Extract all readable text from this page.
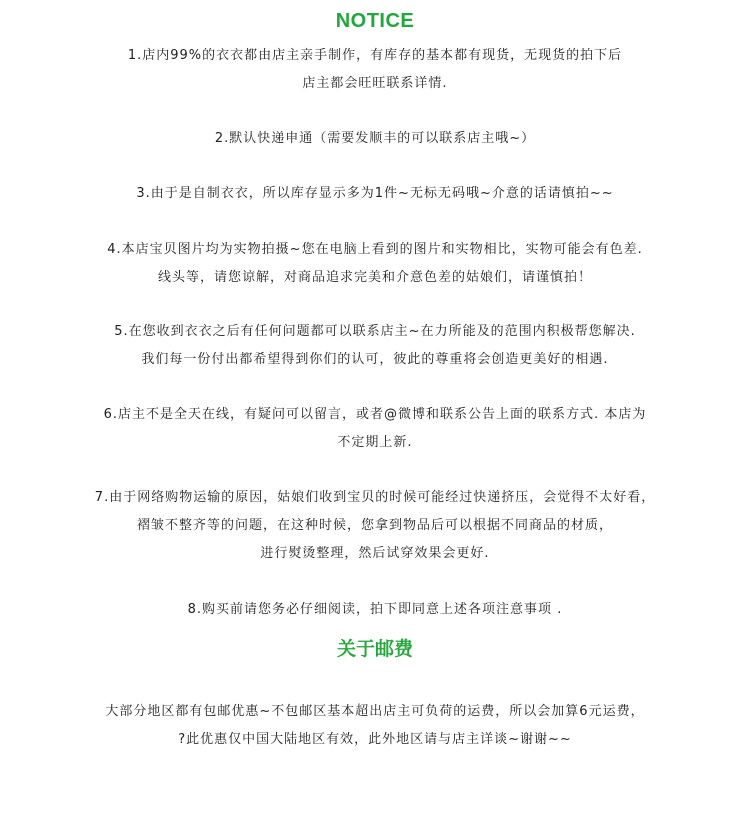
NOTICE
1.店内99%的衣衣都由店主亲手制作，有库存的基本都有现货，无现货的拍下后
店主都会旺旺联系详情.
2.默认快递申通（需要发顺丰的可以联系店主哦~）
3.由于是自制衣衣，所以库存显示多为1件~无标无码哦~介意的话请慎拍~~
4.本店宝贝图片均为实物拍摄~您在电脑上看到的图片和实物相比，实物可能会有色差.
线头等，请您谅解，对商品追求完美和介意色差的姑娘们，请谨慎拍！
5.在您收到衣衣之后有任何问题都可以联系店主~在力所能及的范围内积极帮您解决.
我们每一份付出都希望得到你们的认可，彼此的尊重将会创造更美好的相遇.
6.店主不是全天在线，有疑问可以留言，或者@微博和联系公告上面的联系方式. 本店为
不定期上新.
7.由于网络购物运输的原因，姑娘们收到宝贝的时候可能经过快递挤压，会觉得不太好看，
褶皱不整齐等的问题，在这种时候，您拿到物品后可以根据不同商品的材质，
进行熨烫整理，然后试穿效果会更好.
8.购买前请您务必仔细阅读，拍下即同意上述各项注意事项 .
关于邮费
大部分地区都有包邮优惠~不包邮区基本超出店主可负荷的运费，所以会加算6元运费，
?此优惠仅中国大陆地区有效，此外地区请与店主详谈~谢谢~~
